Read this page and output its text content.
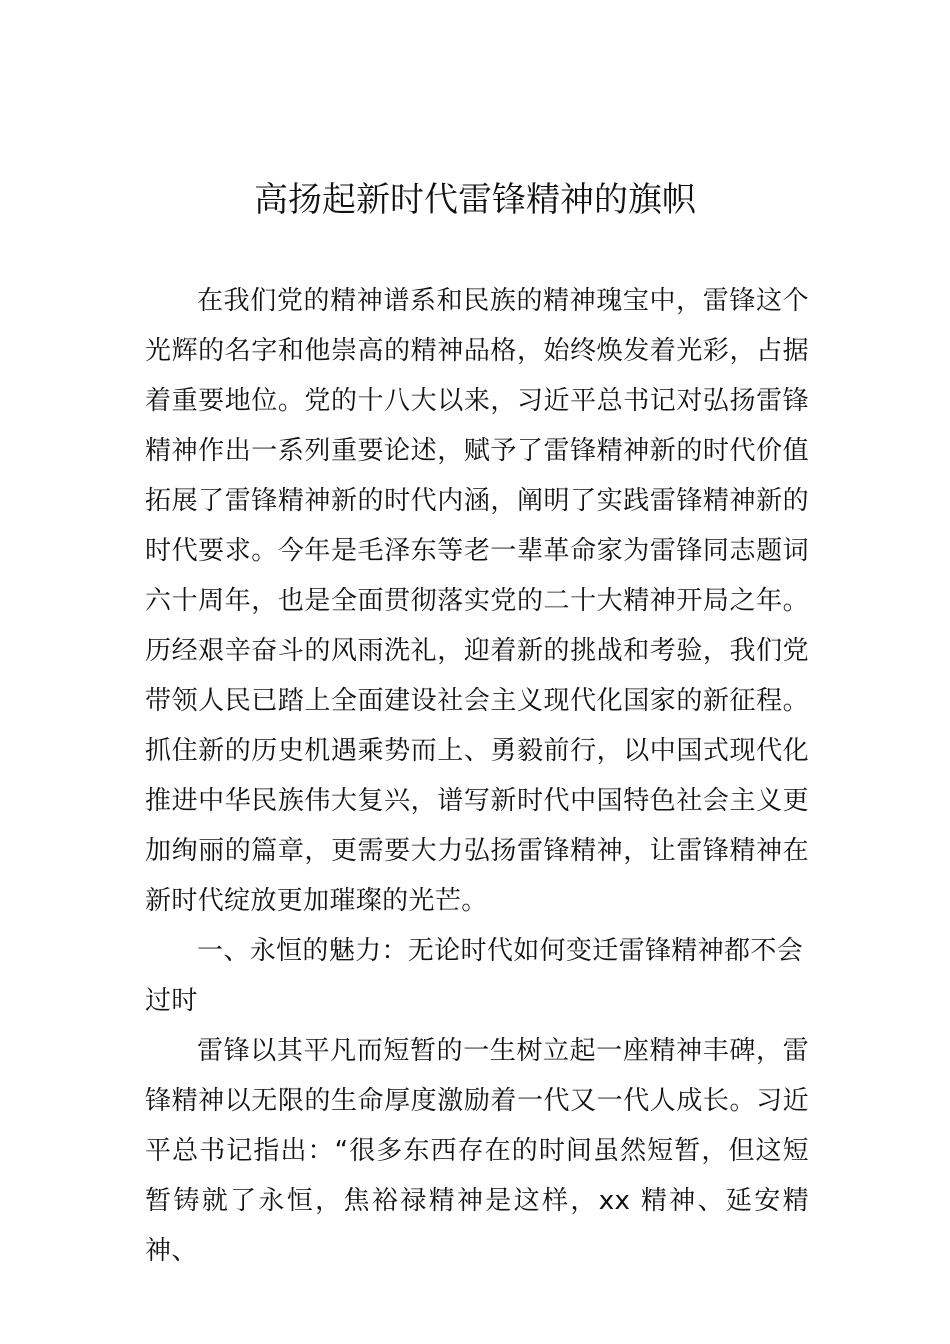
高扬起新时代雷锋精神的旗帜

在我们党的精神谱系和民族的精神瑰宝中，雷锋这个光辉的名字和他崇高的精神品格，始终焕发着光彩，占据着重要地位。党的十八大以来，习近平总书记对弘扬雷锋精神作出一系列重要论述，赋予了雷锋精神新的时代价值拓展了雷锋精神新的时代内涵，阐明了实践雷锋精神新的时代要求。今年是毛泽东等老一辈革命家为雷锋同志题词六十周年，也是全面贯彻落实党的二十大精神开局之年。历经艰辛奋斗的风雨洗礼，迎着新的挑战和考验，我们党带领人民已踏上全面建设社会主义现代化国家的新征程。抓住新的历史机遇乘势而上、勇毅前行，以中国式现代化推进中华民族伟大复兴，谱写新时代中国特色社会主义更加绚丽的篇章，更需要大力弘扬雷锋精神，让雷锋精神在新时代绽放更加璀璨的光芒。

一、永恒的魅力：无论时代如何变迁雷锋精神都不会过时

雷锋以其平凡而短暂的一生树立起一座精神丰碑，雷锋精神以无限的生命厚度激励着一代又一代人成长。习近平总书记指出：“很多东西存在的时间虽然短暂，但这短暂铸就了永恒，焦裕禄精神是这样，xx 精神、延安精神、
